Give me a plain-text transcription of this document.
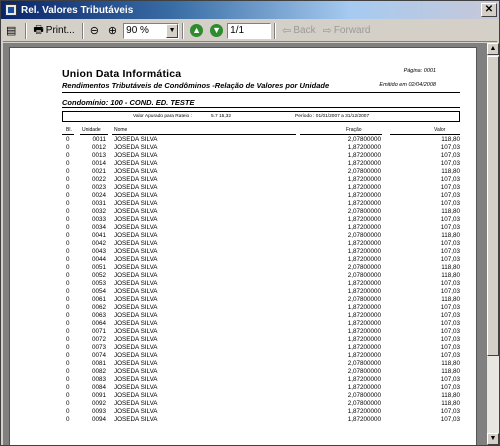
Rel. Valores Tributáveis	✕
▤ 🖶 Print... ⊖ ⊕ 90 %	▼ ▲ ▼ 1/1	⇦ Back ⇨ Forward
Union Data Informática
Rendimentos Tributáveis de Condôminos -Relação de Valores por Unidade
Página: 0001
Emitido em 02/04/2008
Condomínio: 100 - COND. ED. TESTE
Valor Apurado para Rateio :	5.7 15,32	Período : 01/01/2007 a 31/12/2007
Bl. Unidade	Nome	Fração	Valor
0	0011 JOSEDA SILVA	2,07800000	118,80
0	0012 JOSEDA SILVA	1,87200000	107,03
0	0013 JOSEDA SILVA	1,87200000	107,03
0	0014 JOSEDA SILVA	1,87200000	107,03
0	0021 JOSEDA SILVA	2,07800000	118,80
0	0022 JOSEDA SILVA	1,87200000	107,03
0	0023 JOSEDA SILVA	1,87200000	107,03
0	0024 JOSEDA SILVA	1,87200000	107,03
0	0031 JOSEDA SILVA	1,87200000	107,03
0	0032 JOSEDA SILVA	2,07800000	118,80
0	0033 JOSEDA SILVA	1,87200000	107,03
0	0034 JOSEDA SILVA	1,87200000	107,03
0	0041 JOSEDA SILVA	2,07800000	118,80
0	0042 JOSEDA SILVA	1,87200000	107,03
0	0043 JOSEDA SILVA	1,87200000	107,03
0	0044 JOSEDA SILVA	1,87200000	107,03
0	0051 JOSEDA SILVA	2,07800000	118,80
0	0052 JOSEDA SILVA	2,07800000	118,80
0	0053 JOSEDA SILVA	1,87200000	107,03
0	0054 JOSEDA SILVA	1,87200000	107,03
0	0061 JOSEDA SILVA	2,07800000	118,80
0	0062 JOSEDA SILVA	1,87200000	107,03
0	0063 JOSEDA SILVA	1,87200000	107,03
0	0064 JOSEDA SILVA	1,87200000	107,03
0	0071 JOSEDA SILVA	1,87200000	107,03
0	0072 JOSEDA SILVA	1,87200000	107,03
0	0073 JOSEDA SILVA	1,87200000	107,03
0	0074 JOSEDA SILVA	1,87200000	107,03
0	0081 JOSEDA SILVA	2,07800000	118,80
0	0082 JOSEDA SILVA	2,07800000	118,80
0	0083 JOSEDA SILVA	1,87200000	107,03
0	0084 JOSEDA SILVA	1,87200000	107,03
0	0091 JOSEDA SILVA	2,07800000	118,80
0	0092 JOSEDA SILVA	2,07800000	118,80
0	0093 JOSEDA SILVA	1,87200000	107,03
0	0094 JOSEDA SILVA	1,87200000	107,03
▲
▼
